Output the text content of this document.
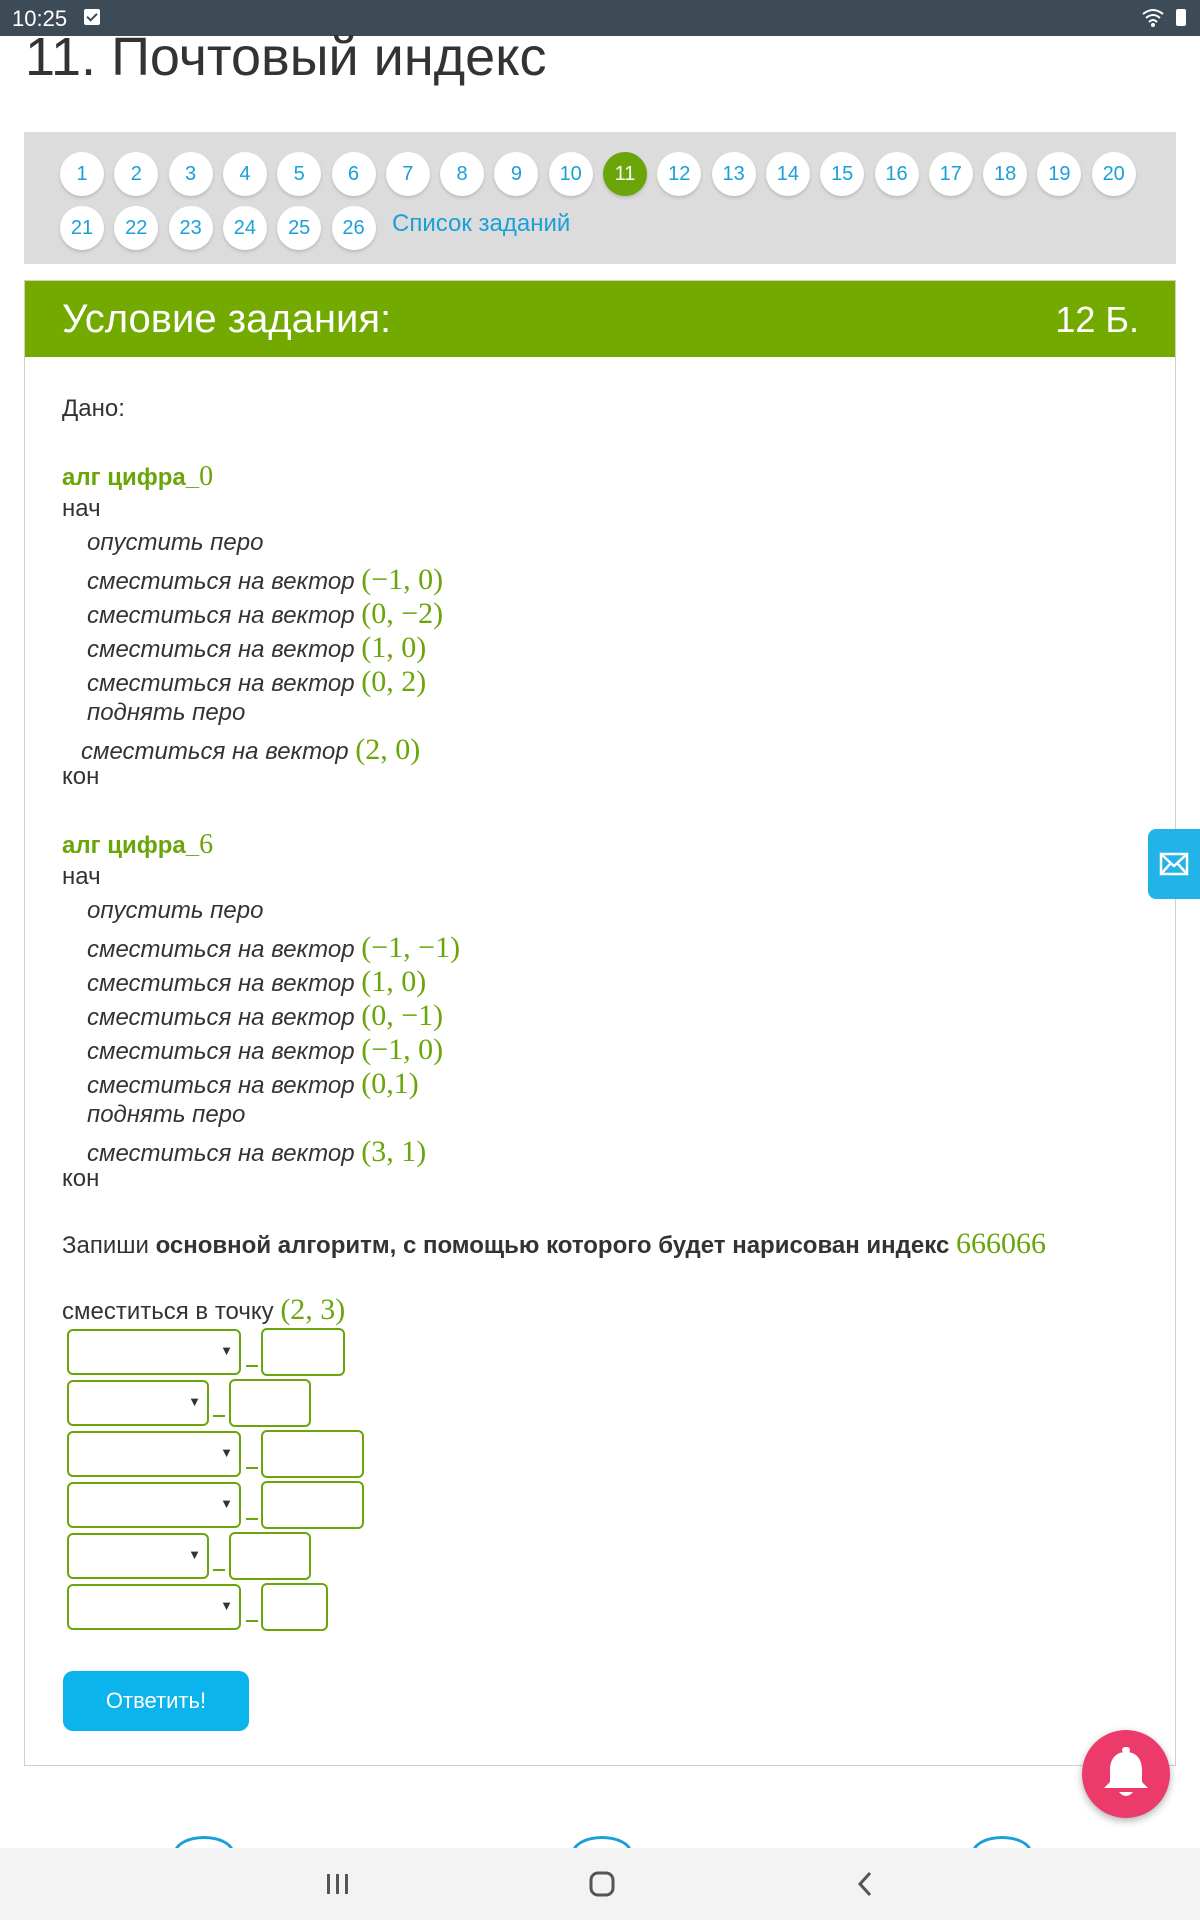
10:25
11. Почтовый индекс
Список заданий
1	2	3	4	5	6	7	8	9	10	11	12	13	14	15	16	17	18	19	20
21	22	23	24	25	26
Условие задания:	12 Б.
Дано:
алг цифра_0
нач
опустить перо
сместиться на вектор (−1, 0)
сместиться на вектор (0, −2)
сместиться на вектор (1, 0)
сместиться на вектор (0, 2)
поднять перо
сместиться на вектор (2, 0)
кон
алг цифра_6
нач
опустить перо
сместиться на вектор (−1, −1)
сместиться на вектор (1, 0)
сместиться на вектор (0, −1)
сместиться на вектор (−1, 0)
сместиться на вектор (0,1)
поднять перо
сместиться на вектор (3, 1)
кон
Запиши основной алгоритм, с помощью которого будет нарисован индекс 666066
сместиться в точку (2, 3)
▼
▼
▼
▼
▼
▼
Ответить!
